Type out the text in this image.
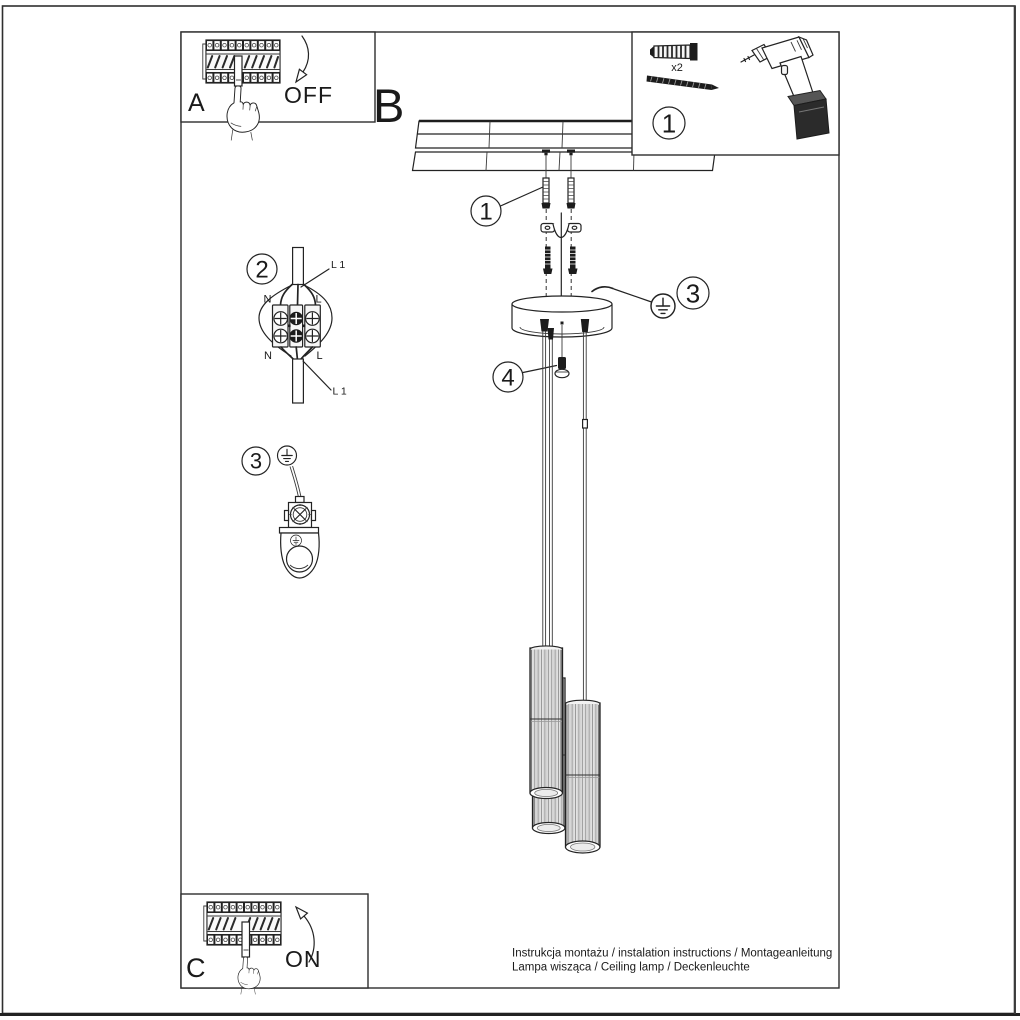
1
3
4
2
N	L
N	L
L 1
L 1
3
A	OFF
x2
1
C	ON
B
Instrukcja montażu / instalation instructions / Montageanleitung
Lampa wisząca / Ceiling lamp / Deckenleuchte
